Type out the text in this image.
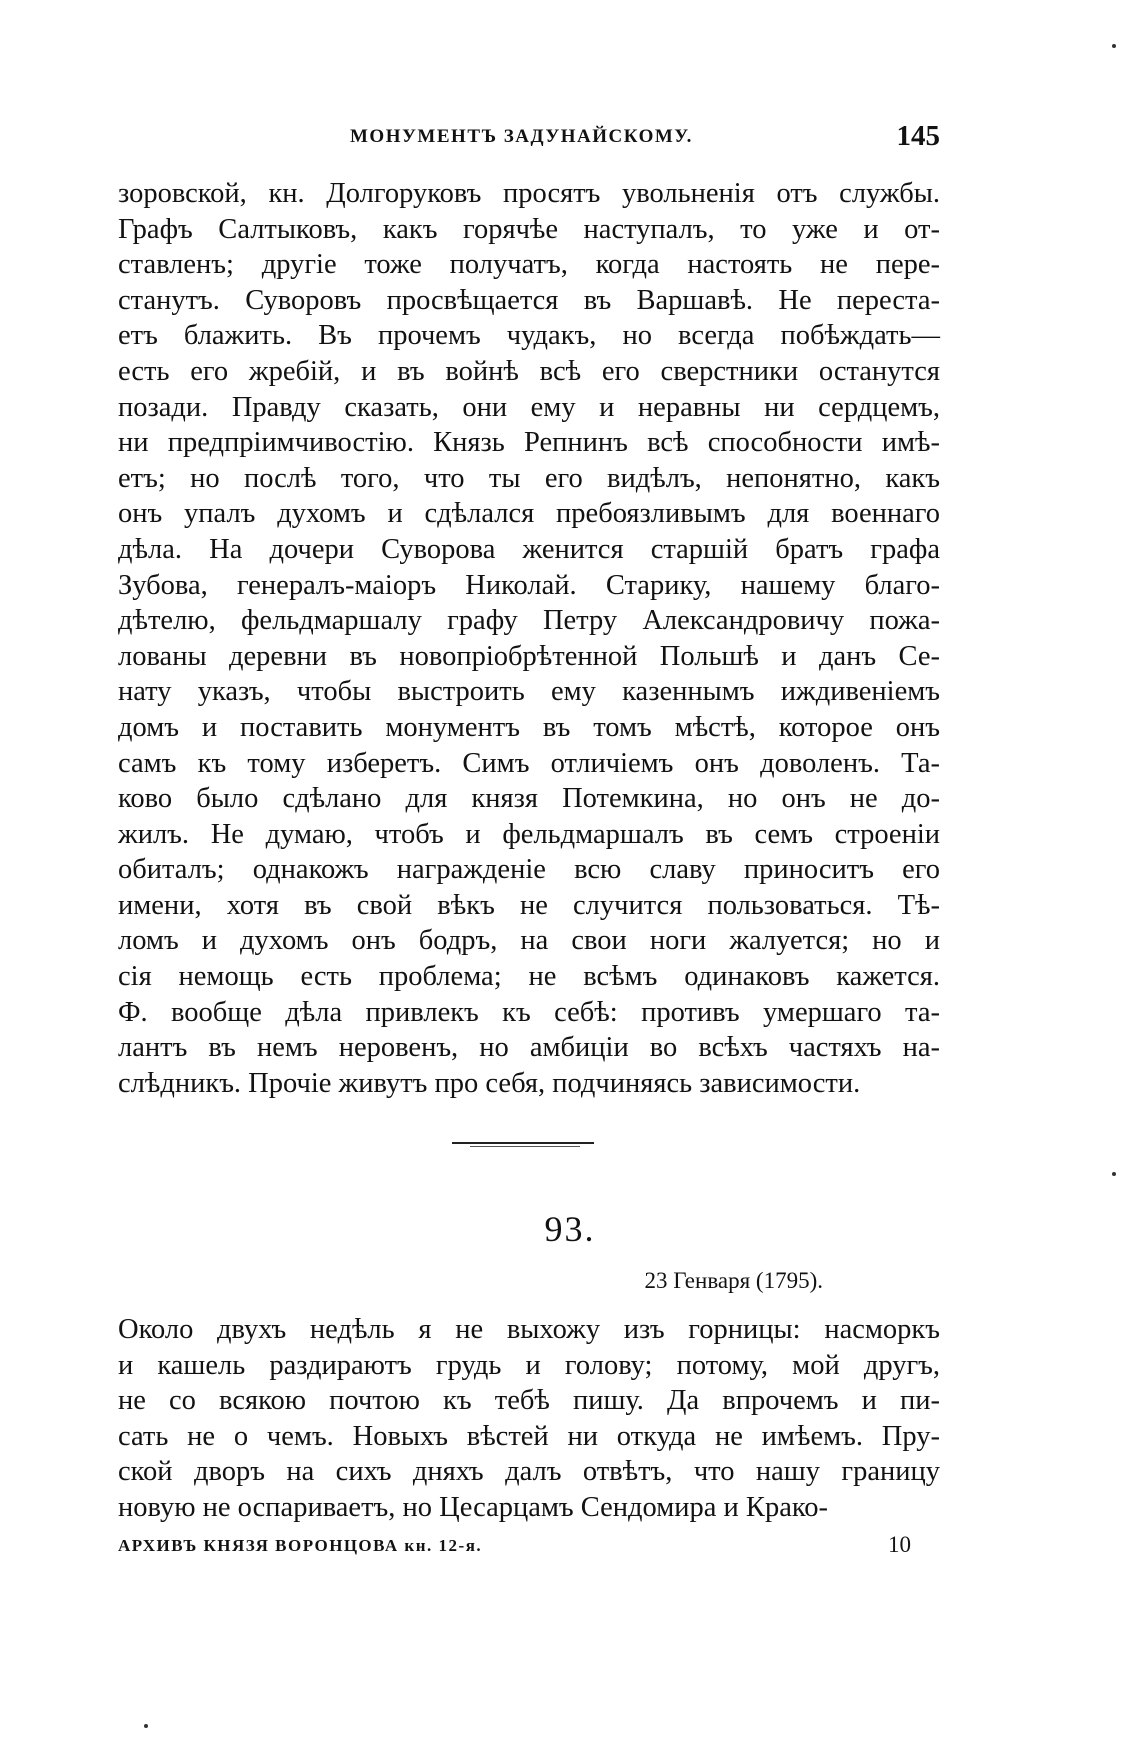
МОНУМЕНТЪ ЗАДУНАЙСКОМУ.	145
зоровской, кн. Долгоруковъ просятъ увольненія отъ службы.
Графъ Салтыковъ, какъ горячѣе наступалъ, то уже и от-
ставленъ; другіе тоже получатъ, когда настоять не пере-
станутъ. Суворовъ просвѣщается въ Варшавѣ. Не переста-
етъ блажить. Въ прочемъ чудакъ, но всегда побѣждать—
есть его жребій, и въ войнѣ всѣ его сверстники останутся
позади. Правду сказать, они ему и неравны ни сердцемъ,
ни предпріимчивостію. Князь Репнинъ всѣ способности имѣ-
етъ; но послѣ того, что ты его видѣлъ, непонятно, какъ
онъ упалъ духомъ и сдѣлался пребоязливымъ для военнаго
дѣла. На дочери Суворова женится старшій братъ графа
Зубова, генералъ-маіоръ Николай. Старику, нашему благо-
дѣтелю, фельдмаршалу графу Петру Александровичу пожа-
лованы деревни въ новопріобрѣтенной Польшѣ и данъ Се-
нату указъ, чтобы выстроить ему казеннымъ иждивеніемъ
домъ и поставить монументъ въ томъ мѣстѣ, которое онъ
самъ къ тому изберетъ. Симъ отличіемъ онъ доволенъ. Та-
ково было сдѣлано для князя Потемкина, но онъ не до-
жилъ. Не думаю, чтобъ и фельдмаршалъ въ семъ строеніи
обиталъ; однакожъ награжденіе всю славу приноситъ его
имени, хотя въ свой вѣкъ не случится пользоваться. Тѣ-
ломъ и духомъ онъ бодръ, на свои ноги жалуется; но и
сія немощь есть проблема; не всѣмъ одинаковъ кажется.
Ф. вообще дѣла привлекъ къ себѣ: противъ умершаго та-
лантъ въ немъ неровенъ, но амбиціи во всѣхъ частяхъ на-
слѣдникъ. Прочіе живутъ про себя, подчиняясь зависимости.
93.
23 Генваря (1795).
Около двухъ недѣль я не выхожу изъ горницы: насморкъ
и кашель раздираютъ грудь и голову; потому, мой другъ,
не со всякою почтою къ тебѣ пишу. Да впрочемъ и пи-
сать не о чемъ. Новыхъ вѣстей ни откуда не имѣемъ. Пру-
ской дворъ на сихъ дняхъ далъ отвѣтъ, что нашу границу
новую не оспариваетъ, но Цесарцамъ Сендомира и Крако-
АРХИВЪ КНЯЗЯ ВОРОНЦОВА кн. 12-я.	10
